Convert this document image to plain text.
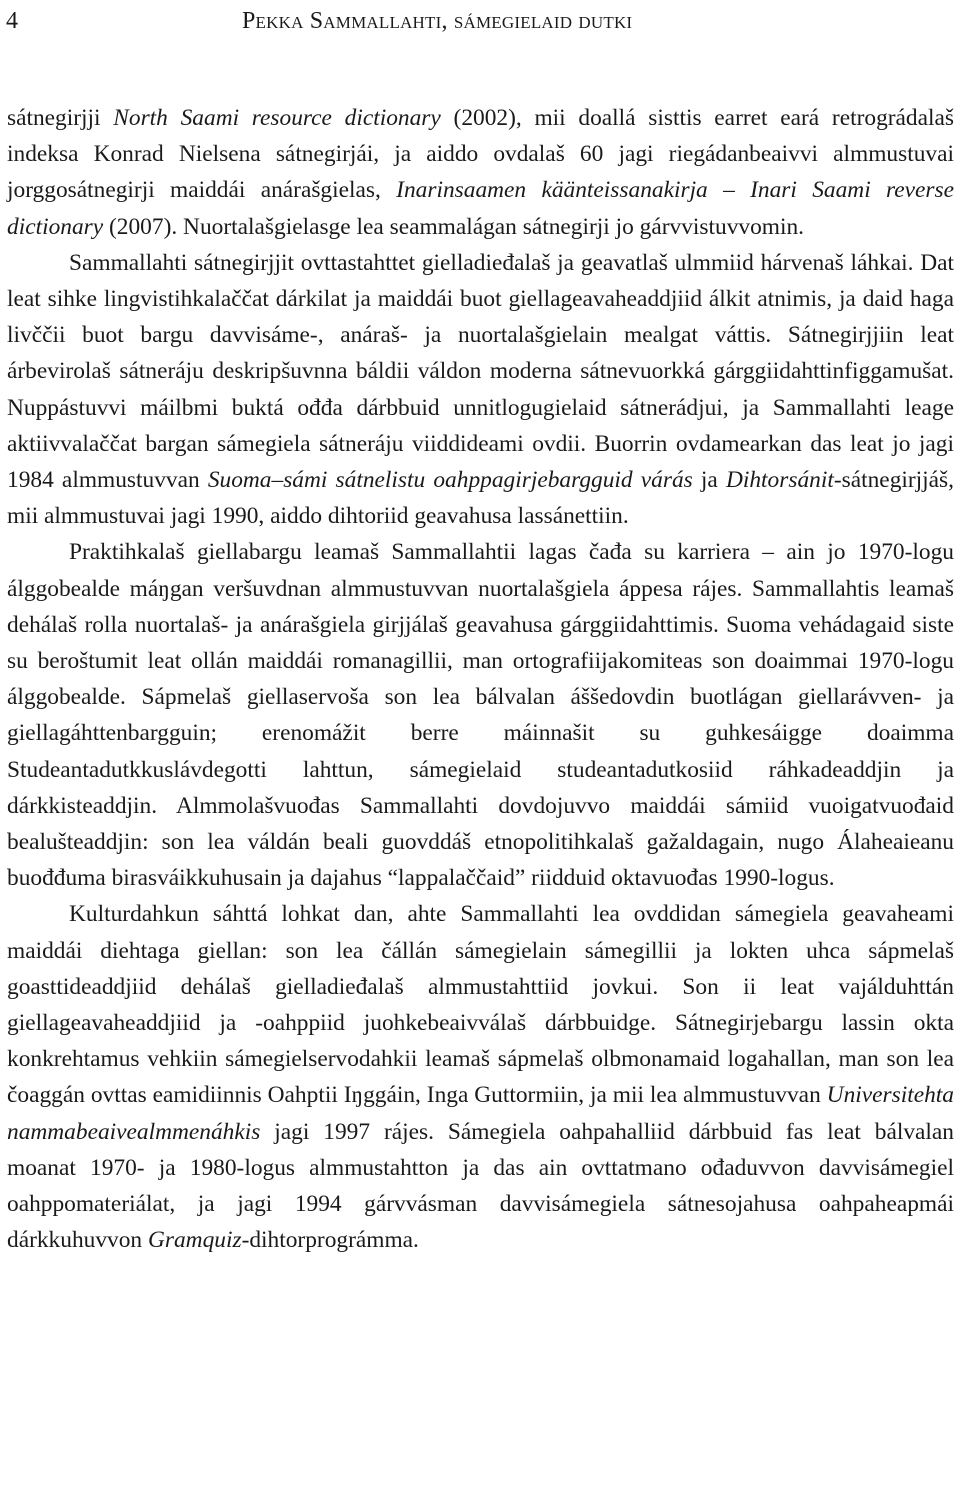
4	Pekka Sammallahti, sámegielaid dutki

sátnegirjji North Saami resource dictionary (2002), mii doallá sisttis earret eará retrográdalaš indeksa Konrad Nielsena sátnegirjái, ja aiddo ovdalaš 60 jagi riegádanbeaivvi almmustuvai jorggosátnegirji maiddái anárašgielas, Inarinsaamen käänteissanakirja – Inari Saami reverse dictionary (2007). Nuortalašgielasge lea seammalágan sátnegirji jo gárvvistuvvomin.

Sammallahti sátnegirjjit ovttastahttet gielladieđalaš ja geavatlaš ulmmiid hárvenaš láhkai. Dat leat sihke lingvistihkalaččat dárkilat ja maiddái buot giellageavaheaddjiid álkit atnimis, ja daid haga livččii buot bargu davvisáme-, anáraš- ja nuortalašgielain mealgat váttis. Sátnegirjjiin leat árbevirolaš sátneráju deskripšuvnna báldii váldon moderna sátnevuorkká gárggiidahttinfiggamušat. Nuppástuvvi máilbmi buktá ođđa dárbbuid unnitlogugielaid sátnerádjui, ja Sammallahti leage aktiivvalaččat bargan sámegiela sátneráju viiddideami ovdii. Buorrin ovdamearkan das leat jo jagi 1984 almmustuvvan Suoma–sámi sátnelistu oahppagirjebargguid várás ja Dihtorsánit-sátnegirjjáš, mii almmustuvai jagi 1990, aiddo dihtoriid geavahusa lassánettiin.

Praktihkalaš giellabargu leamaš Sammallahtii lagas čađa su karriera – ain jo 1970-logu álggobealde máŋgan veršuvdnan almmustuvvan nuortalašgiela áppesa rájes. Sammallahtis leamaš dehálaš rolla nuortalaš- ja anárašgiela girjjálaš geavahusa gárggiidahttimis. Suoma vehádagaid siste su beroštumit leat ollán maiddái romanagillii, man ortografiijakomiteas son doaimmai 1970-logu álggobealde. Sápmelaš giellaservoša son lea bálvalan áššedovdin buotlágan giellarávven- ja giellagáhttenbargguin; erenomážit berre máinnašit su guhkesáigge doaimma Studeantadutkkuslávdegotti lahttun, sámegielaid studeantadutkosiid ráhkadeaddjin ja dárkkisteaddjin. Almmolašvuođas Sammallahti dovdojuvvo maiddái sámiid vuoigatvuođaid bealušteaddjin: son lea váldán beali guovddáš etnopolitihkalaš gažaldagain, nugo Álaheaieanu buođđuma birasváikkuhusain ja dajahus “lappalaččaid” riidduid oktavuođas 1990-logus.

Kulturdahkun sáhttá lohkat dan, ahte Sammallahti lea ovddidan sámegiela geavaheami maiddái diehtaga giellan: son lea čállán sámegielain sámegillii ja lokten uhca sápmelaš goasttideaddjiid dehálaš gielladieđalaš almmustahttiid jovkui. Son ii leat vajálduhttán giellageavaheaddjiid ja -oahppiid juohkebeaivválaš dárbbuidge. Sátnegirjebargu lassin okta konkrehtamus vehkiin sámegielservodahkii leamaš sápmelaš olbmonamaid logahallan, man son lea čoaggán ovttas eamidiinnis Oahptii Iŋggáin, Inga Guttormiin, ja mii lea almmustuvvan Universitehta nammabeaivealmmenáhkis jagi 1997 rájes. Sámegiela oahpahalliid dárbbuid fas leat bálvalan moanat 1970- ja 1980-logus almmustahtton ja das ain ovttatmano ođaduvvon davvisámegiel oahppomateriálat, ja jagi 1994 gárvvásman davvisámegiela sátnesojahusa oahpaheapmái dárkkuhuvvon Gramquiz-dihtorprográmma.
